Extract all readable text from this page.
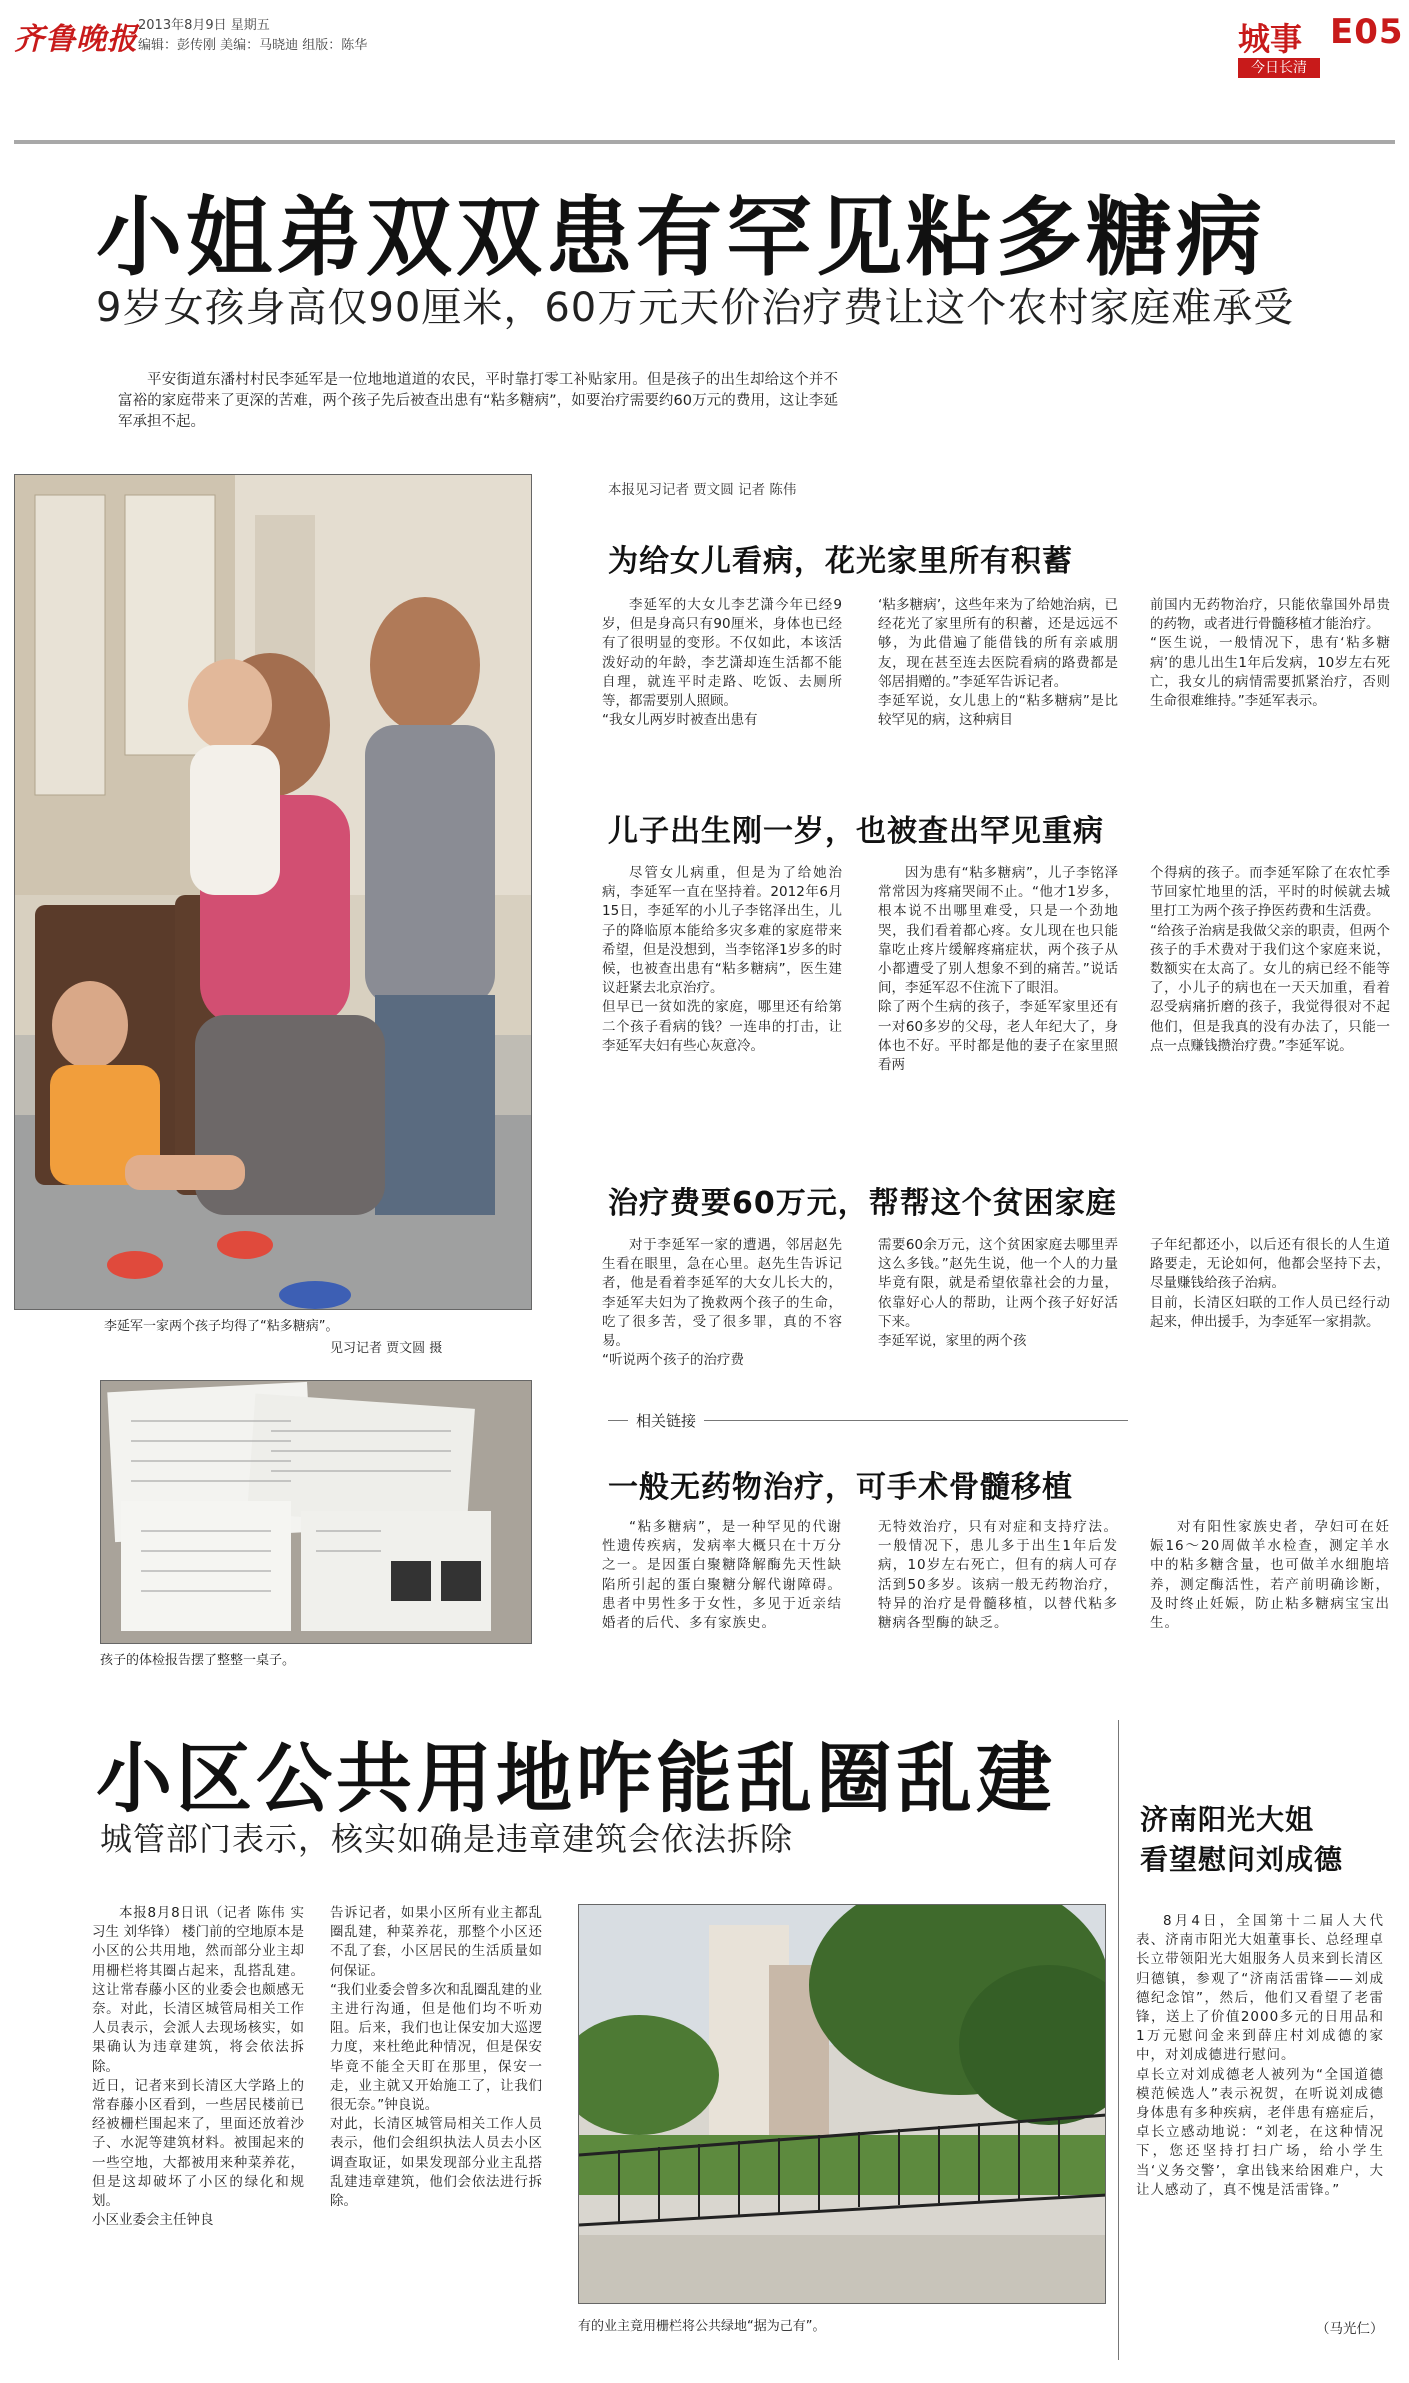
齐鲁晚报 2013年8月9日 星期五
编辑：彭传刚 美编：马晓迪 组版：陈华	城事 E05
今日长清
小姐弟双双患有罕见粘多糖病
9岁女孩身高仅90厘米，60万元天价治疗费让这个农村家庭难承受
平安街道东潘村村民李延军是一位地地道道的农民，平时靠打零工补贴家用。但是孩子的出生却给这个并不富裕的家庭带来了更深的苦难，两个孩子先后被查出患有“粘多糖病”，如要治疗需要约60万元的费用，这让李延军承担不起。
李延军一家两个孩子均得了“粘多糖病”。
见习记者 贾文圆 摄
孩子的体检报告摆了整整一桌子。
本报见习记者 贾文圆 记者 陈伟
为给女儿看病，花光家里所有积蓄

李延军的大女儿李艺潇今年已经9岁，但是身高只有90厘米，身体也已经有了很明显的变形。不仅如此，本该活泼好动的年龄，李艺潇却连生活都不能自理，就连平时走路、吃饭、去厕所等，都需要别人照顾。
“我女儿两岁时被查出患有

‘粘多糖病’，这些年来为了给她治病，已经花光了家里所有的积蓄，还是远远不够，为此借遍了能借钱的所有亲戚朋友，现在甚至连去医院看病的路费都是邻居捐赠的。”李延军告诉记者。
李延军说，女儿患上的“粘多糖病”是比较罕见的病，这种病目

前国内无药物治疗，只能依靠国外昂贵的药物，或者进行骨髓移植才能治疗。
“医生说，一般情况下，患有‘粘多糖病’的患儿出生1年后发病，10岁左右死亡，我女儿的病情需要抓紧治疗，否则生命很难维持。”李延军表示。

儿子出生刚一岁，也被查出罕见重病

尽管女儿病重，但是为了给她治病，李延军一直在坚持着。2012年6月15日，李延军的小儿子李铭泽出生，儿子的降临原本能给多灾多难的家庭带来希望，但是没想到，当李铭泽1岁多的时候，也被查出患有“粘多糖病”，医生建议赶紧去北京治疗。
但早已一贫如洗的家庭，哪里还有给第二个孩子看病的钱？一连串的打击，让李延军夫妇有些心灰意冷。

因为患有“粘多糖病”，儿子李铭泽常常因为疼痛哭闹不止。“他才1岁多，根本说不出哪里难受，只是一个劲地哭，我们看着都心疼。女儿现在也只能靠吃止疼片缓解疼痛症状，两个孩子从小都遭受了别人想象不到的痛苦。”说话间，李延军忍不住流下了眼泪。
除了两个生病的孩子，李延军家里还有一对60多岁的父母，老人年纪大了，身体也不好。平时都是他的妻子在家里照看两

个得病的孩子。而李延军除了在农忙季节回家忙地里的活，平时的时候就去城里打工为两个孩子挣医药费和生活费。
“给孩子治病是我做父亲的职责，但两个孩子的手术费对于我们这个家庭来说，数额实在太高了。女儿的病已经不能等了，小儿子的病也在一天天加重，看着忍受病痛折磨的孩子，我觉得很对不起他们，但是我真的没有办法了，只能一点一点赚钱攒治疗费。”李延军说。

治疗费要60万元，帮帮这个贫困家庭

对于李延军一家的遭遇，邻居赵先生看在眼里，急在心里。赵先生告诉记者，他是看着李延军的大女儿长大的，李延军夫妇为了挽救两个孩子的生命，吃了很多苦，受了很多罪，真的不容易。
“听说两个孩子的治疗费

需要60余万元，这个贫困家庭去哪里弄这么多钱。”赵先生说，他一个人的力量毕竟有限，就是希望依靠社会的力量，依靠好心人的帮助，让两个孩子好好活下来。
李延军说，家里的两个孩

子年纪都还小，以后还有很长的人生道路要走，无论如何，他都会坚持下去，尽量赚钱给孩子治病。
目前，长清区妇联的工作人员已经行动起来，伸出援手，为李延军一家捐款。

相关链接
一般无药物治疗，可手术骨髓移植

“粘多糖病”，是一种罕见的代谢性遗传疾病，发病率大概只在十万分之一。是因蛋白聚糖降解酶先天性缺陷所引起的蛋白聚糖分解代谢障碍。患者中男性多于女性，多见于近亲结婚者的后代、多有家族史。

无特效治疗，只有对症和支持疗法。一般情况下，患儿多于出生1年后发病，10岁左右死亡，但有的病人可存活到50多岁。该病一般无药物治疗，特异的治疗是骨髓移植，以替代粘多糖病各型酶的缺乏。

对有阳性家族史者，孕妇可在妊娠16～20周做羊水检查，测定羊水中的粘多糖含量，也可做羊水细胞培养，测定酶活性，若产前明确诊断，及时终止妊娠，防止粘多糖病宝宝出生。

小区公共用地咋能乱圈乱建
城管部门表示，核实如确是违章建筑会依法拆除

本报8月8日讯（记者 陈伟 实习生 刘华锋） 楼门前的空地原本是小区的公共用地，然而部分业主却用栅栏将其圈占起来，乱搭乱建。这让常春藤小区的业委会也颇感无奈。对此，长清区城管局相关工作人员表示，会派人去现场核实，如果确认为违章建筑，将会依法拆除。
近日，记者来到长清区大学路上的常春藤小区看到，一些居民楼前已经被栅栏围起来了，里面还放着沙子、水泥等建筑材料。被围起来的一些空地，大都被用来种菜养花，但是这却破坏了小区的绿化和规划。
小区业委会主任钟良

告诉记者，如果小区所有业主都乱圈乱建，种菜养花，那整个小区还不乱了套，小区居民的生活质量如何保证。
“我们业委会曾多次和乱圈乱建的业主进行沟通，但是他们均不听劝阻。后来，我们也让保安加大巡逻力度，来杜绝此种情况，但是保安毕竟不能全天盯在那里，保安一走，业主就又开始施工了，让我们很无奈。”钟良说。
对此，长清区城管局相关工作人员表示，他们会组织执法人员去小区调查取证，如果发现部分业主乱搭乱建违章建筑，他们会依法进行拆除。

有的业主竟用栅栏将公共绿地“据为己有”。
济南阳光大姐
看望慰问刘成德

8月4日，全国第十二届人大代表、济南市阳光大姐董事长、总经理卓长立带领阳光大姐服务人员来到长清区归德镇，参观了“济南活雷锋——刘成德纪念馆”，然后，他们又看望了老雷锋，送上了价值2000多元的日用品和1万元慰问金来到薛庄村刘成德的家中，对刘成德进行慰问。
卓长立对刘成德老人被列为“全国道德模范候选人”表示祝贺，在听说刘成德身体患有多种疾病，老伴患有癌症后，卓长立感动地说：“刘老，在这种情况下，您还坚持打扫广场，给小学生当‘义务交警’，拿出钱来给困难户，大让人感动了，真不愧是活雷锋。”

（马光仁）
